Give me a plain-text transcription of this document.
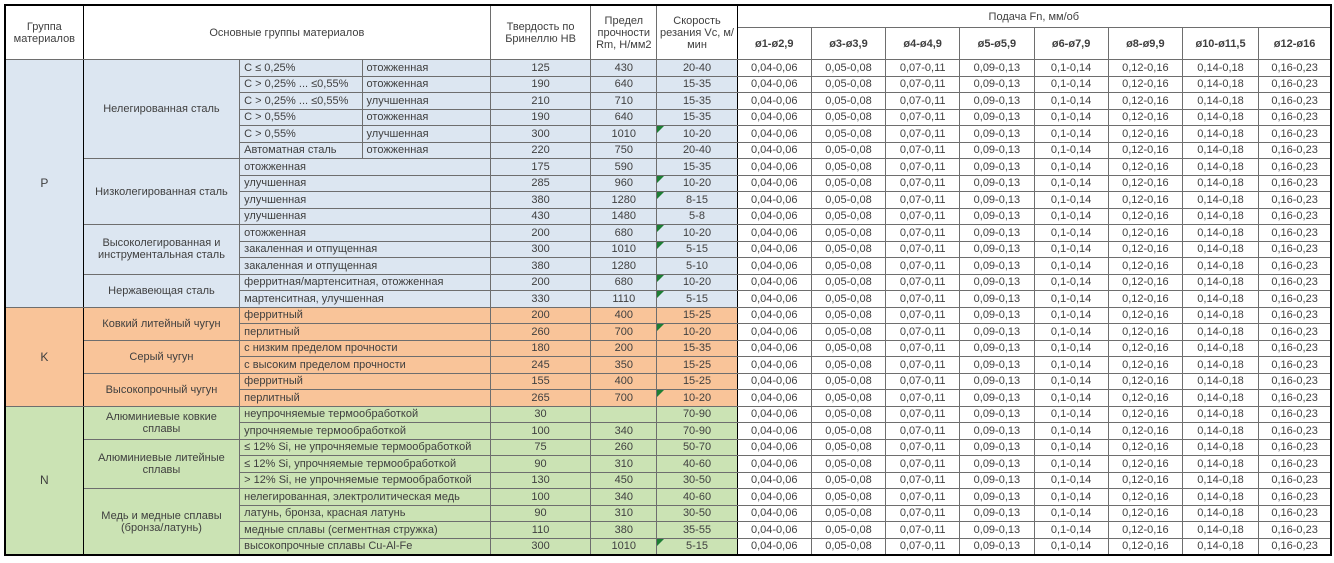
Группа материалов	Основные группы материалов			Твердость по Бринеллю HB	Предел прочности Rm, Н/мм2	Скорость резания Vc, м/мин	Подача Fn, мм/об							
							ø1-ø2,9	ø3-ø3,9	ø4-ø4,9	ø5-ø5,9	ø6-ø7,9	ø8-ø9,9	ø10-ø11,5	ø12-ø16
P	Нелегированная сталь	C ≤ 0,25%	отожженная	125	430	20-40	0,04-0,06	0,05-0,08	0,07-0,11	0,09-0,13	0,1-0,14	0,12-0,16	0,14-0,18	0,16-0,23
		C > 0,25% ... ≤0,55%	отожженная	190	640	15-35	0,04-0,06	0,05-0,08	0,07-0,11	0,09-0,13	0,1-0,14	0,12-0,16	0,14-0,18	0,16-0,23
		C > 0,25% ... ≤0,55%	улучшенная	210	710	15-35	0,04-0,06	0,05-0,08	0,07-0,11	0,09-0,13	0,1-0,14	0,12-0,16	0,14-0,18	0,16-0,23
		C > 0,55%	отожженная	190	640	15-35	0,04-0,06	0,05-0,08	0,07-0,11	0,09-0,13	0,1-0,14	0,12-0,16	0,14-0,18	0,16-0,23
		C > 0,55%	улучшенная	300	1010	10-20	0,04-0,06	0,05-0,08	0,07-0,11	0,09-0,13	0,1-0,14	0,12-0,16	0,14-0,18	0,16-0,23
		Автоматная сталь	отожженная	220	750	20-40	0,04-0,06	0,05-0,08	0,07-0,11	0,09-0,13	0,1-0,14	0,12-0,16	0,14-0,18	0,16-0,23
	Низколегированная сталь	отожженная		175	590	15-35	0,04-0,06	0,05-0,08	0,07-0,11	0,09-0,13	0,1-0,14	0,12-0,16	0,14-0,18	0,16-0,23
		улучшенная		285	960	10-20	0,04-0,06	0,05-0,08	0,07-0,11	0,09-0,13	0,1-0,14	0,12-0,16	0,14-0,18	0,16-0,23
		улучшенная		380	1280	8-15	0,04-0,06	0,05-0,08	0,07-0,11	0,09-0,13	0,1-0,14	0,12-0,16	0,14-0,18	0,16-0,23
		улучшенная		430	1480	5-8	0,04-0,06	0,05-0,08	0,07-0,11	0,09-0,13	0,1-0,14	0,12-0,16	0,14-0,18	0,16-0,23
	Высоколегированная и инструментальная сталь	отожженная		200	680	10-20	0,04-0,06	0,05-0,08	0,07-0,11	0,09-0,13	0,1-0,14	0,12-0,16	0,14-0,18	0,16-0,23
		закаленная и отпущенная		300	1010	5-15	0,04-0,06	0,05-0,08	0,07-0,11	0,09-0,13	0,1-0,14	0,12-0,16	0,14-0,18	0,16-0,23
		закаленная и отпущенная		380	1280	5-10	0,04-0,06	0,05-0,08	0,07-0,11	0,09-0,13	0,1-0,14	0,12-0,16	0,14-0,18	0,16-0,23
	Нержавеющая сталь	ферритная/мартенситная, отожженная		200	680	10-20	0,04-0,06	0,05-0,08	0,07-0,11	0,09-0,13	0,1-0,14	0,12-0,16	0,14-0,18	0,16-0,23
		мартенситная, улучшенная		330	1110	5-15	0,04-0,06	0,05-0,08	0,07-0,11	0,09-0,13	0,1-0,14	0,12-0,16	0,14-0,18	0,16-0,23
K	Ковкий литейный чугун	ферритный		200	400	15-25	0,04-0,06	0,05-0,08	0,07-0,11	0,09-0,13	0,1-0,14	0,12-0,16	0,14-0,18	0,16-0,23
		перлитный		260	700	10-20	0,04-0,06	0,05-0,08	0,07-0,11	0,09-0,13	0,1-0,14	0,12-0,16	0,14-0,18	0,16-0,23
	Серый чугун	с низким пределом прочности		180	200	15-35	0,04-0,06	0,05-0,08	0,07-0,11	0,09-0,13	0,1-0,14	0,12-0,16	0,14-0,18	0,16-0,23
		с высоким пределом прочности		245	350	15-25	0,04-0,06	0,05-0,08	0,07-0,11	0,09-0,13	0,1-0,14	0,12-0,16	0,14-0,18	0,16-0,23
	Высокопрочный чугун	ферритный		155	400	15-25	0,04-0,06	0,05-0,08	0,07-0,11	0,09-0,13	0,1-0,14	0,12-0,16	0,14-0,18	0,16-0,23
		перлитный		265	700	10-20	0,04-0,06	0,05-0,08	0,07-0,11	0,09-0,13	0,1-0,14	0,12-0,16	0,14-0,18	0,16-0,23
N	Алюминиевые ковкие сплавы	неупрочняемые термообработкой		30		70-90	0,04-0,06	0,05-0,08	0,07-0,11	0,09-0,13	0,1-0,14	0,12-0,16	0,14-0,18	0,16-0,23
		упрочняемые термообработкой		100	340	70-90	0,04-0,06	0,05-0,08	0,07-0,11	0,09-0,13	0,1-0,14	0,12-0,16	0,14-0,18	0,16-0,23
	Алюминиевые литейные сплавы	≤ 12% Si, не упрочняемые термообработкой		75	260	50-70	0,04-0,06	0,05-0,08	0,07-0,11	0,09-0,13	0,1-0,14	0,12-0,16	0,14-0,18	0,16-0,23
		≤ 12% Si, упрочняемые термообработкой		90	310	40-60	0,04-0,06	0,05-0,08	0,07-0,11	0,09-0,13	0,1-0,14	0,12-0,16	0,14-0,18	0,16-0,23
		> 12% Si, не упрочняемые термообработкой		130	450	30-50	0,04-0,06	0,05-0,08	0,07-0,11	0,09-0,13	0,1-0,14	0,12-0,16	0,14-0,18	0,16-0,23
	Медь и медные сплавы (бронза/латунь)	нелегированная, электролитическая медь		100	340	40-60	0,04-0,06	0,05-0,08	0,07-0,11	0,09-0,13	0,1-0,14	0,12-0,16	0,14-0,18	0,16-0,23
		латунь, бронза, красная латунь		90	310	30-50	0,04-0,06	0,05-0,08	0,07-0,11	0,09-0,13	0,1-0,14	0,12-0,16	0,14-0,18	0,16-0,23
		медные сплавы (сегментная стружка)		110	380	35-55	0,04-0,06	0,05-0,08	0,07-0,11	0,09-0,13	0,1-0,14	0,12-0,16	0,14-0,18	0,16-0,23
		высокопрочные сплавы Cu-Al-Fe		300	1010	5-15	0,04-0,06	0,05-0,08	0,07-0,11	0,09-0,13	0,1-0,14	0,12-0,16	0,14-0,18	0,16-0,23
